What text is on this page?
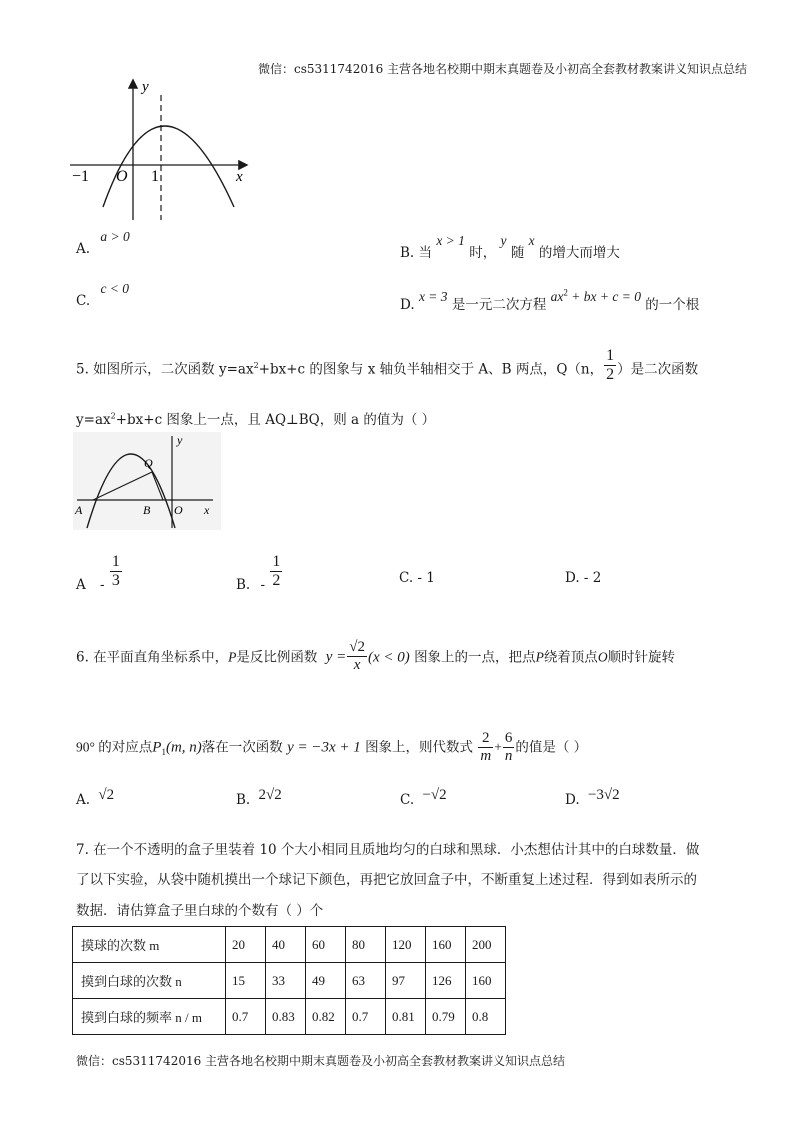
微信：cs5311742016 主营各地名校期中期末真题卷及小初高全套教材教案讲义知识点总结
y
x
−1 O 1
A. a > 0
B. 当 x > 1 时， y 随 x 的增大而增大
C. c < 0
D. x = 3 是一元二次方程 $ax^2$ + bx + c = 0 的一个根
5. 如图所示，二次函数 $y=ax^2+bx+c$ 的图象与 x 轴负半轴相交于 A、B 两点，Q（n， $\frac{1}{2}$ ）是二次函数
$y=ax^2+bx+c$ 图象上一点，且 AQ⊥BQ，则 a 的值为（ ）
y
Q
A	B O x
A - $\frac{1}{3}$	B. - $\frac{1}{2}$	C. - 1	D. - 2
6. 在平面直角坐标系中，P是反比例函数 $y = \frac{√2}{x} (x < 0)$ 图象上的一点，把点P绕着顶点O顺时针旋转
90° 的对应点$P_1(m$, n)落在一次函数 y = −3x + 1 图象上，则代数式 $\frac{2}{m} + \frac{6}{n}$ 的值是（ ）
A. √2	B. 2√2	C. −√2	D. −3√2
7. 在一个不透明的盒子里装着 10 个大小相同且质地均匀的白球和黑球．小杰想估计其中的白球数量．做
了以下实验，从袋中随机摸出一个球记下颜色，再把它放回盒子中，不断重复上述过程．得到如表所示的
数据．请估算盒子里白球的个数有（ ）个
摸球的次数 m	20	40	60	80	120	160	200
摸到白球的次数 n	15	33	49	63	97	126	160
摸到白球的频率 n / m	0.7	0.83	0.82	0.7	0.81	0.79	0.8
微信：cs5311742016 主营各地名校期中期末真题卷及小初高全套教材教案讲义知识点总结
